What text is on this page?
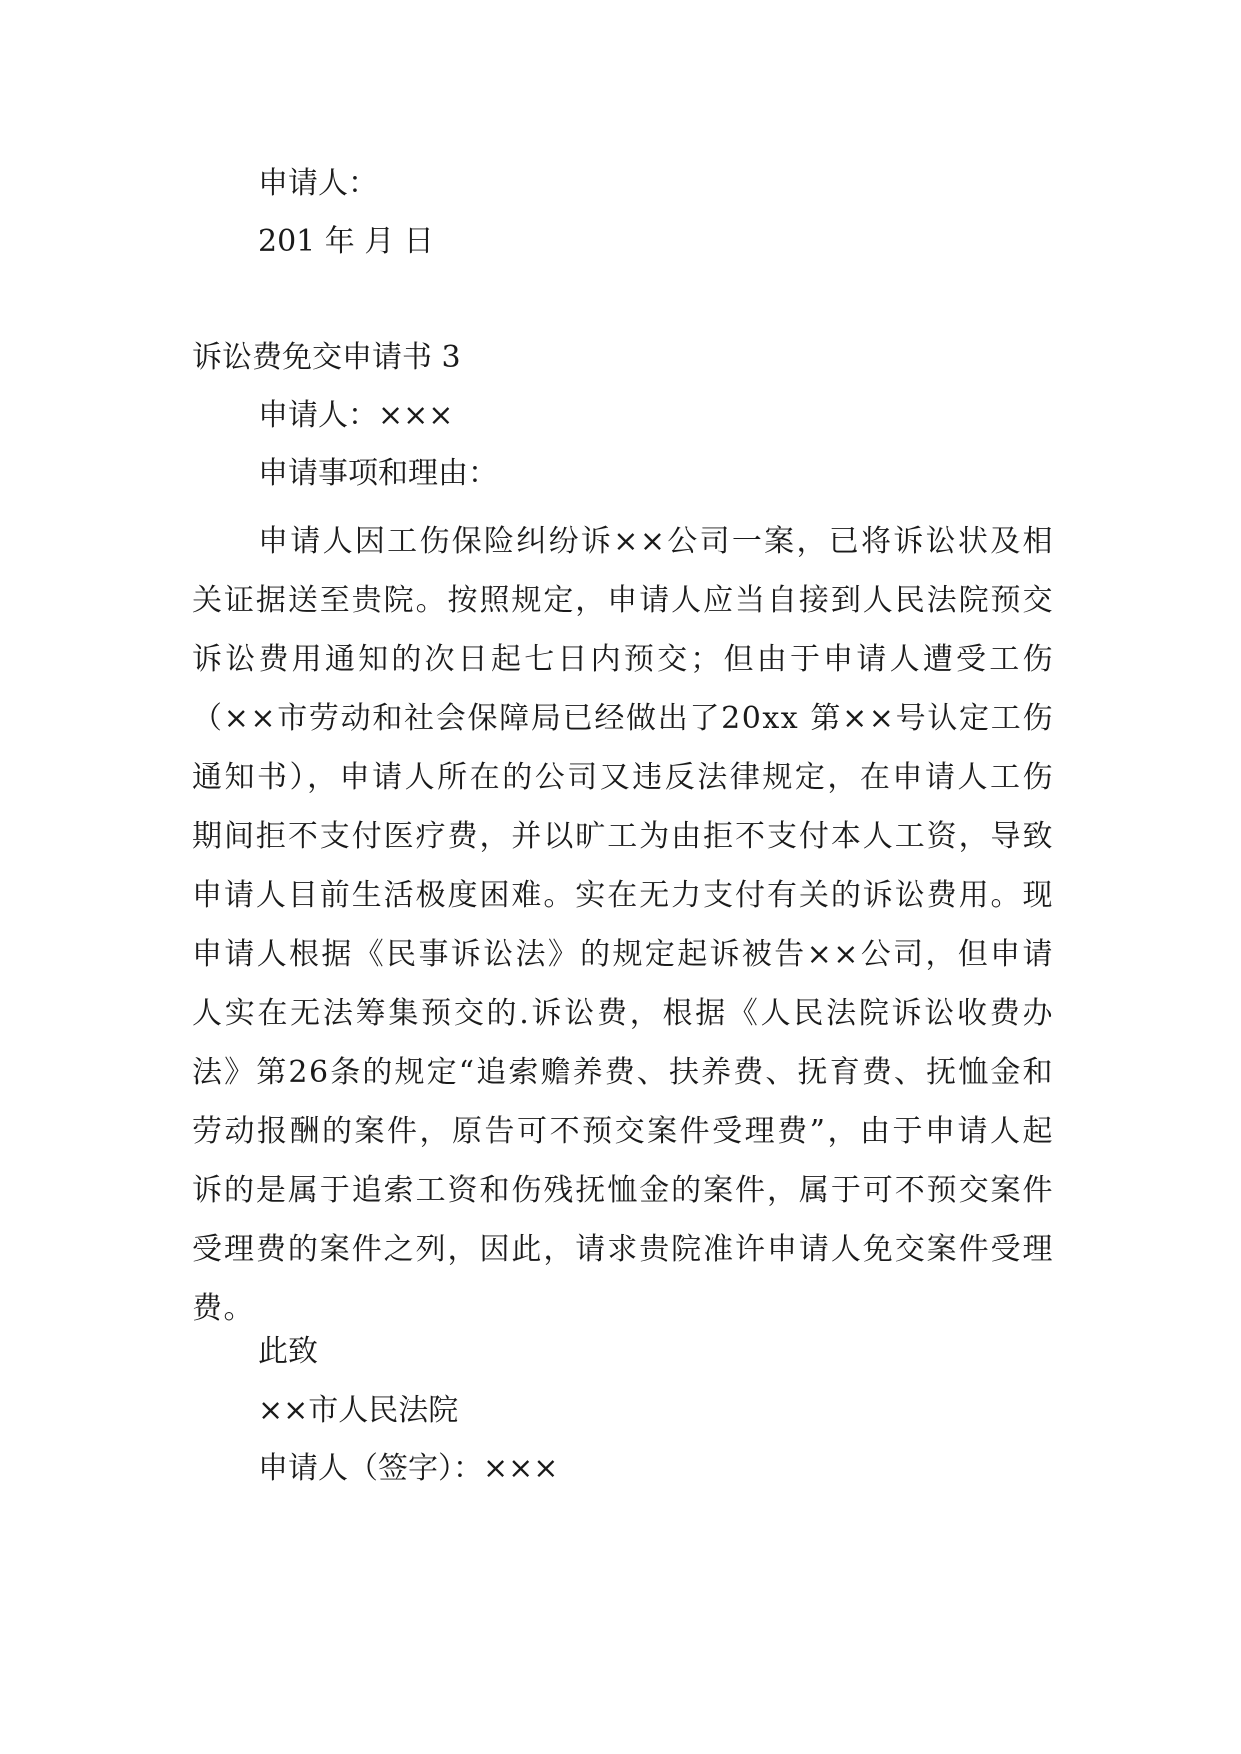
申请人：
201 年 月 日
诉讼费免交申请书 3
申请人：×××
申请事项和理由：

申请人因工伤保险纠纷诉××公司一案，已将诉讼状及相关证据送至贵院。按照规定，申请人应当自接到人民法院预交诉讼费用通知的次日起七日内预交；但由于申请人遭受工伤（××市劳动和社会保障局已经做出了20xx 第××号认定工伤通知书），申请人所在的公司又违反法律规定，在申请人工伤期间拒不支付医疗费，并以旷工为由拒不支付本人工资，导致申请人目前生活极度困难。实在无力支付有关的诉讼费用。现申请人根据《民事诉讼法》的规定起诉被告××公司，但申请人实在无法筹集预交的.诉讼费，根据《人民法院诉讼收费办法》第26条的规定“追索赡养费、扶养费、抚育费、抚恤金和劳动报酬的案件，原告可不预交案件受理费”，由于申请人起诉的是属于追索工资和伤残抚恤金的案件，属于可不预交案件受理费的案件之列，因此，请求贵院准许申请人免交案件受理费。

此致
××市人民法院
申请人（签字）：×××
